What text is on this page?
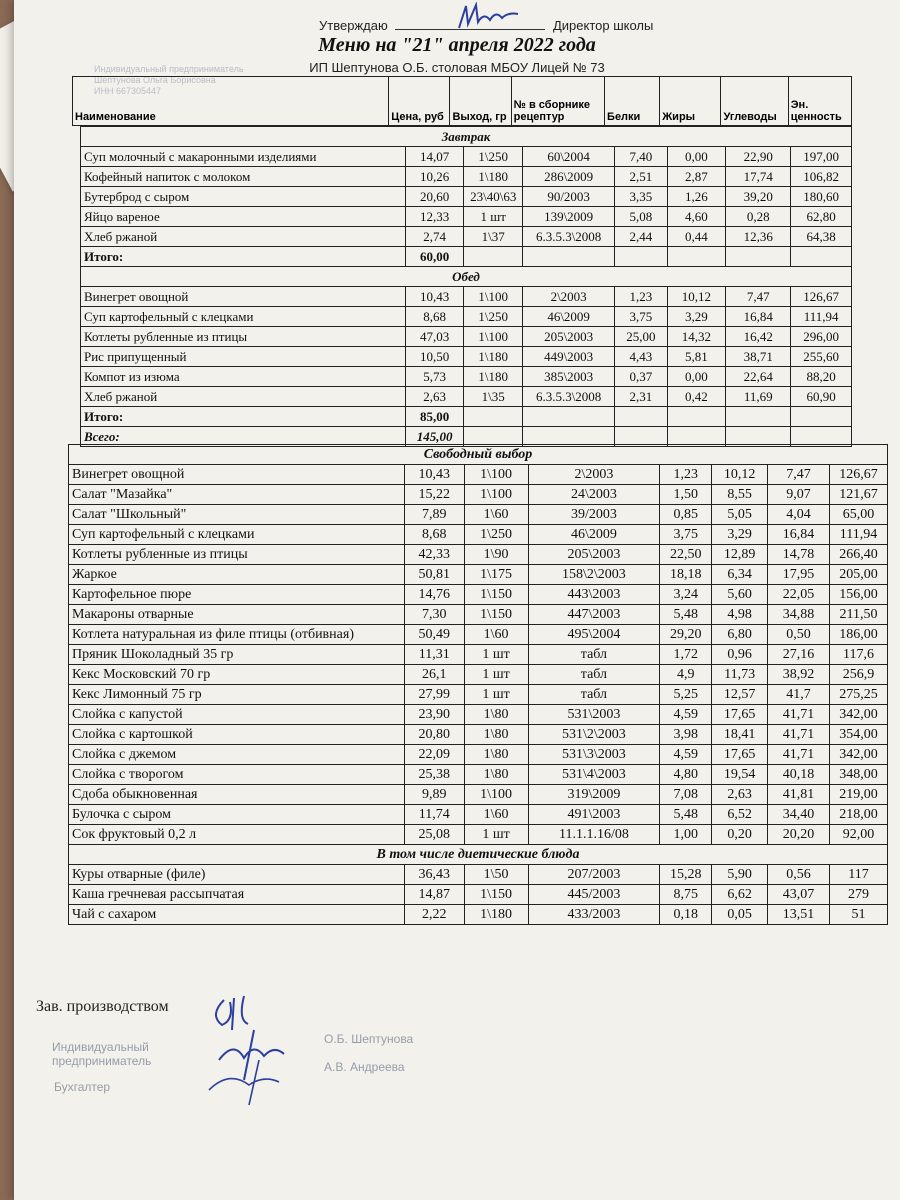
Утверждаю	Директор школы
Меню на "21" апреля 2022 года
ИП Шептунова О.Б. столовая МБОУ Лицей № 73
Индивидуальный предприниматель
Шептунова Ольга Борисовна
ИНН 667305447
Наименование	Цена, руб	Выход, гр	№ в сборнике рецептур	Белки	Жиры	Углеводы	Эн. ценность
Завтрак							
Суп молочный с макаронными изделиями	14,07	1\250	60\2004	7,40	0,00	22,90	197,00
Кофейный напиток с молоком	10,26	1\180	286\2009	2,51	2,87	17,74	106,82
Бутерброд с сыром	20,60	23\40\63	90/2003	3,35	1,26	39,20	180,60
Яйцо вареное	12,33	1 шт	139\2009	5,08	4,60	0,28	62,80
Хлеб ржаной	2,74	1\37	6.3.5.3\2008	2,44	0,44	12,36	64,38
Итого:	60,00						
Обед							
Винегрет овощной	10,43	1\100	2\2003	1,23	10,12	7,47	126,67
Суп картофельный с клецками	8,68	1\250	46\2009	3,75	3,29	16,84	111,94
Котлеты рубленные из птицы	47,03	1\100	205\2003	25,00	14,32	16,42	296,00
Рис припущенный	10,50	1\180	449\2003	4,43	5,81	38,71	255,60
Компот из изюма	5,73	1\180	385\2003	0,37	0,00	22,64	88,20
Хлеб ржаной	2,63	1\35	6.3.5.3\2008	2,31	0,42	11,69	60,90
Итого:	85,00						
Всего:	145,00						
Свободный выбор							
Винегрет овощной	10,43	1\100	2\2003	1,23	10,12	7,47	126,67
Салат "Мазайка"	15,22	1\100	24\2003	1,50	8,55	9,07	121,67
Салат "Школьный"	7,89	1\60	39/2003	0,85	5,05	4,04	65,00
Суп картофельный с клецками	8,68	1\250	46\2009	3,75	3,29	16,84	111,94
Котлеты рубленные из птицы	42,33	1\90	205\2003	22,50	12,89	14,78	266,40
Жаркое	50,81	1\175	158\2\2003	18,18	6,34	17,95	205,00
Картофельное пюре	14,76	1\150	443\2003	3,24	5,60	22,05	156,00
Макароны отварные	7,30	1\150	447\2003	5,48	4,98	34,88	211,50
Котлета натуральная из филе птицы (отбивная)	50,49	1\60	495\2004	29,20	6,80	0,50	186,00
Пряник Шоколадный 35 гр	11,31	1 шт	табл	1,72	0,96	27,16	117,6
Кекс Московский 70 гр	26,1	1 шт	табл	4,9	11,73	38,92	256,9
Кекс Лимонный 75 гр	27,99	1 шт	табл	5,25	12,57	41,7	275,25
Слойка с капустой	23,90	1\80	531\2003	4,59	17,65	41,71	342,00
Слойка с картошкой	20,80	1\80	531\2\2003	3,98	18,41	41,71	354,00
Слойка с джемом	22,09	1\80	531\3\2003	4,59	17,65	41,71	342,00
Слойка с творогом	25,38	1\80	531\4\2003	4,80	19,54	40,18	348,00
Сдоба обыкновенная	9,89	1\100	319\2009	7,08	2,63	41,81	219,00
Булочка с сыром	11,74	1\60	491\2003	5,48	6,52	34,40	218,00
Сок фруктовый 0,2 л	25,08	1 шт	11.1.1.16/08	1,00	0,20	20,20	92,00
В том числе диетические блюда							
Куры отварные (филе)	36,43	1\50	207/2003	15,28	5,90	0,56	117
Каша гречневая рассыпчатая	14,87	1\150	445/2003	8,75	6,62	43,07	279
Чай с сахаром	2,22	1\180	433/2003	0,18	0,05	13,51	51
Зав. производством
Индивидуальный предприниматель
Бухгалтер
О.Б. Шептунова
А.В. Андреева
